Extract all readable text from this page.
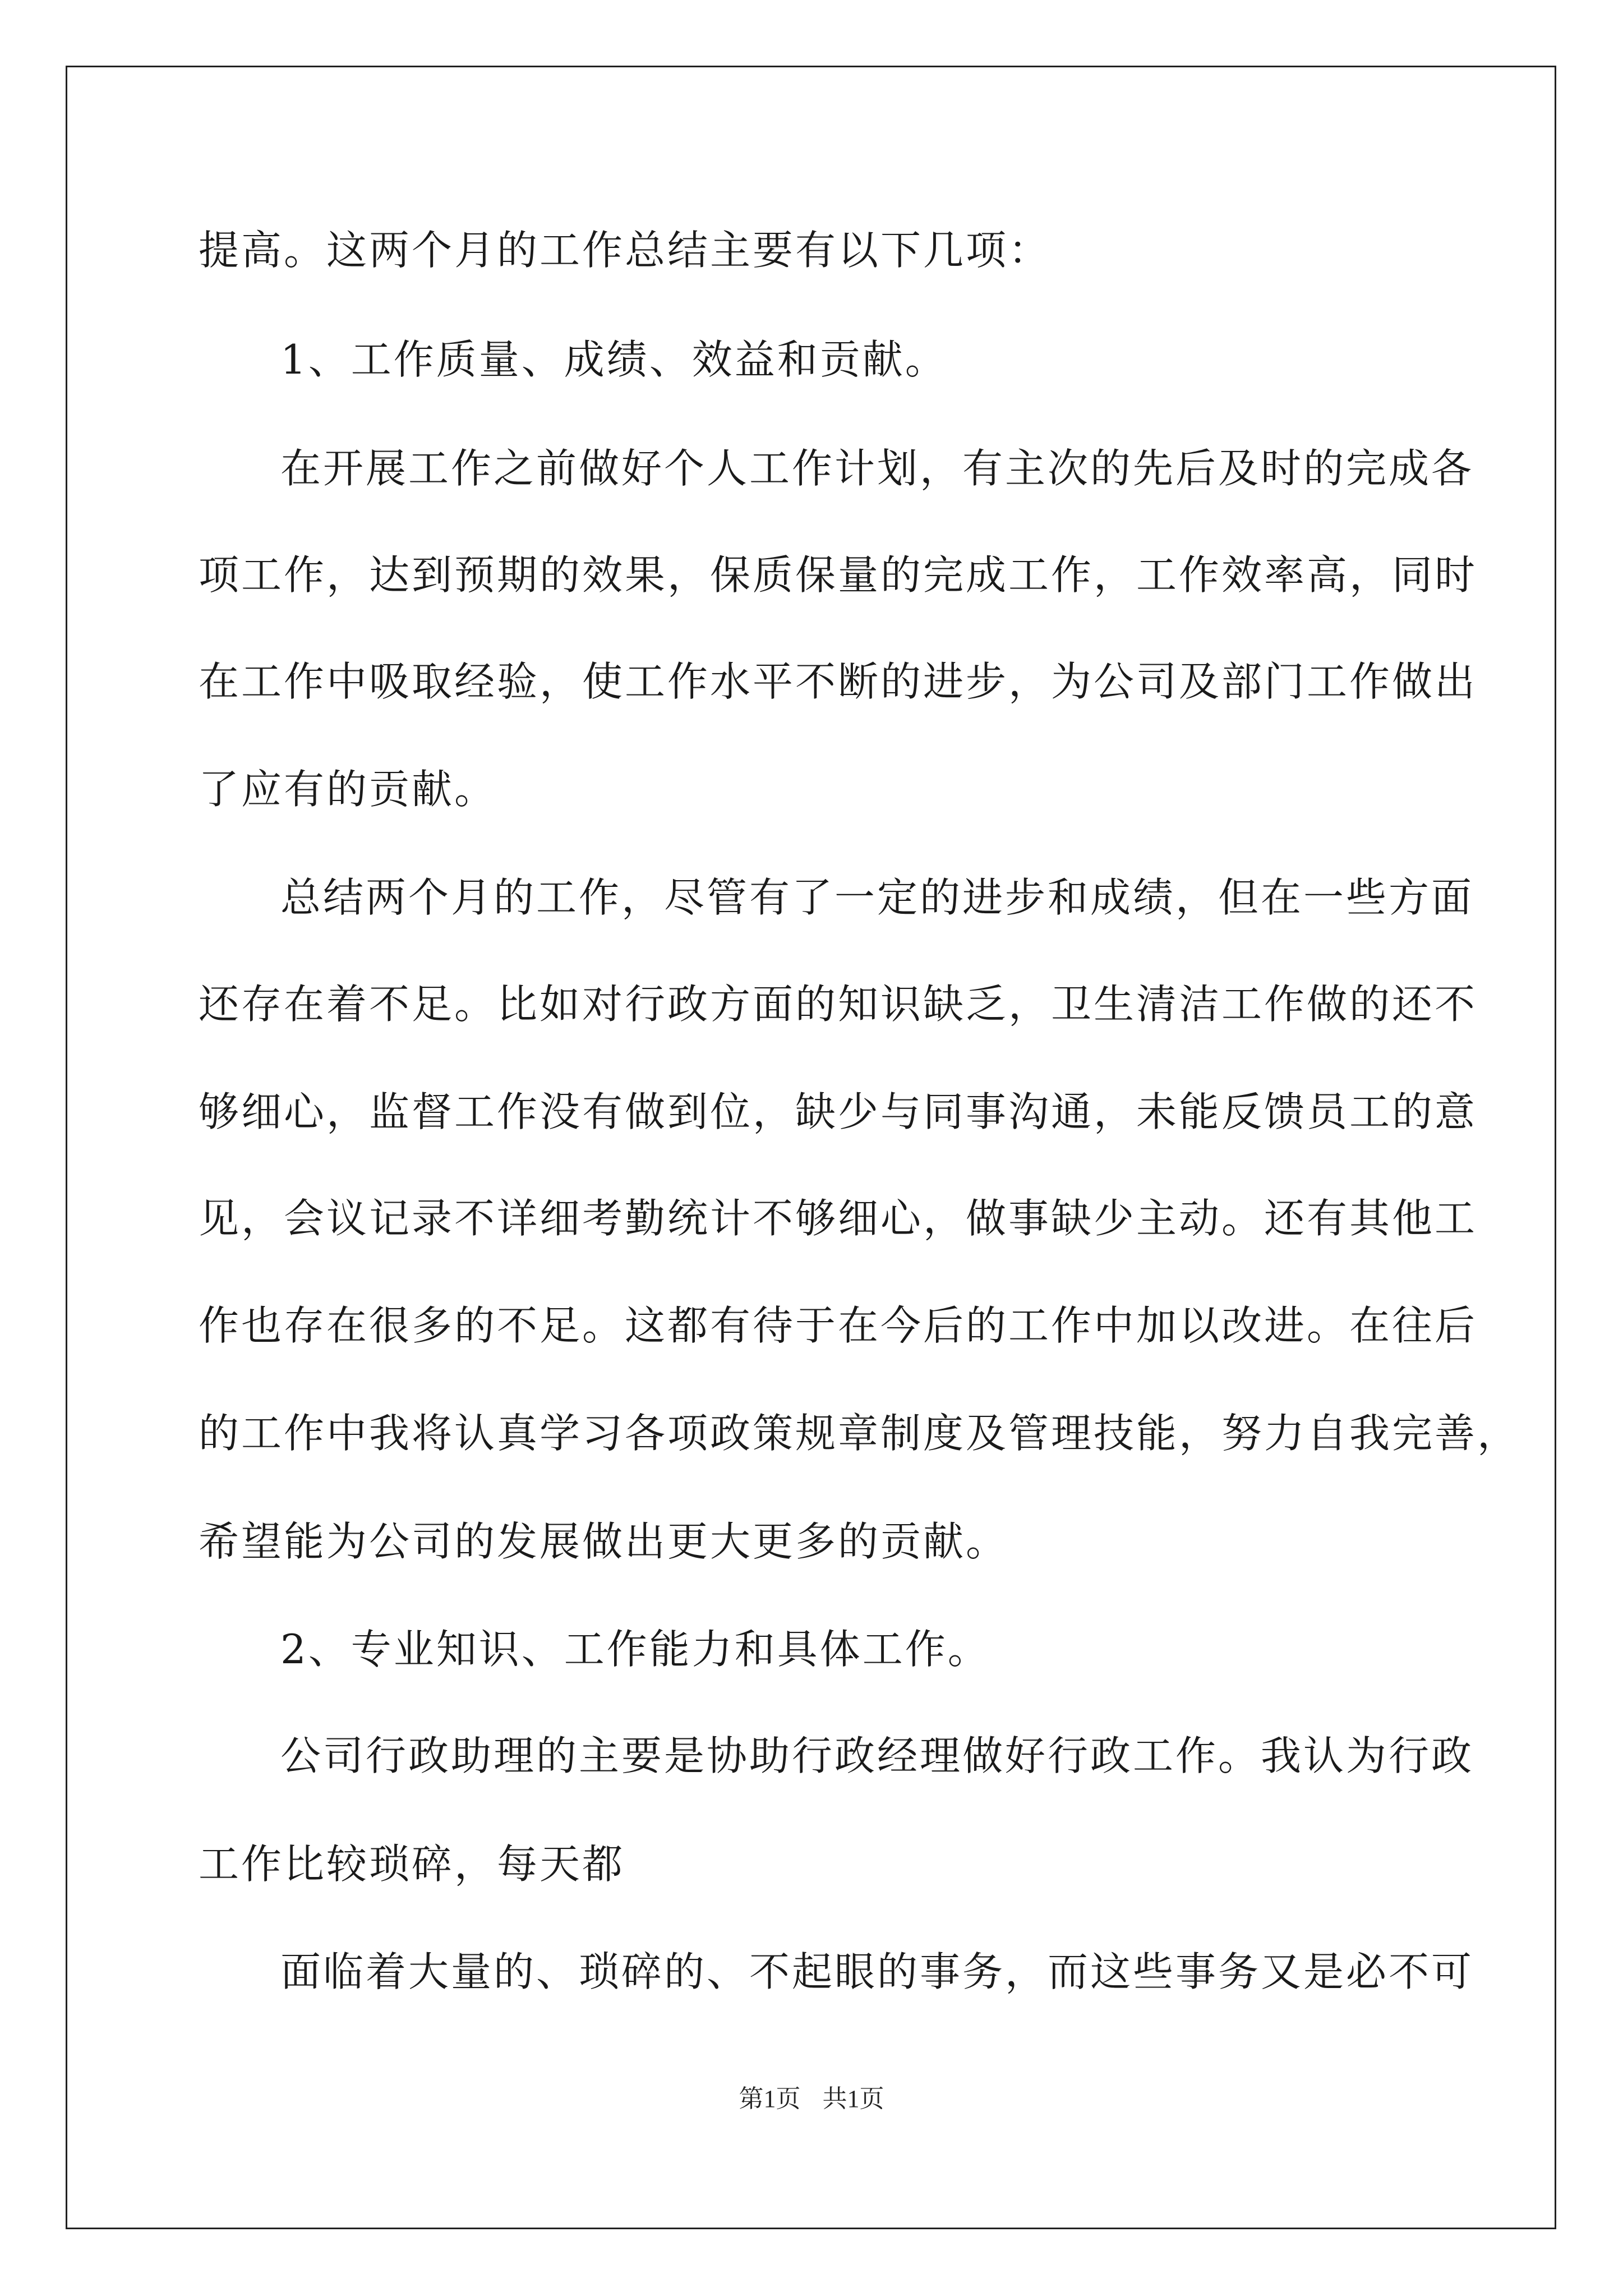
提高。这两个月的工作总结主要有以下几项：
1、工作质量、成绩、效益和贡献。
在开展工作之前做好个人工作计划，有主次的先后及时的完成各
项工作，达到预期的效果，保质保量的完成工作，工作效率高，同时
在工作中吸取经验，使工作水平不断的进步，为公司及部门工作做出
了应有的贡献。
总结两个月的工作，尽管有了一定的进步和成绩，但在一些方面
还存在着不足。比如对行政方面的知识缺乏，卫生清洁工作做的还不
够细心，监督工作没有做到位，缺少与同事沟通，未能反馈员工的意
见，会议记录不详细考勤统计不够细心，做事缺少主动。还有其他工
作也存在很多的不足。这都有待于在今后的工作中加以改进。在往后
的工作中我将认真学习各项政策规章制度及管理技能，努力自我完善，
希望能为公司的发展做出更大更多的贡献。
2、专业知识、工作能力和具体工作。
公司行政助理的主要是协助行政经理做好行政工作。我认为行政
工作比较琐碎，每天都
面临着大量的、琐碎的、不起眼的事务，而这些事务又是必不可
第1页 共1页
